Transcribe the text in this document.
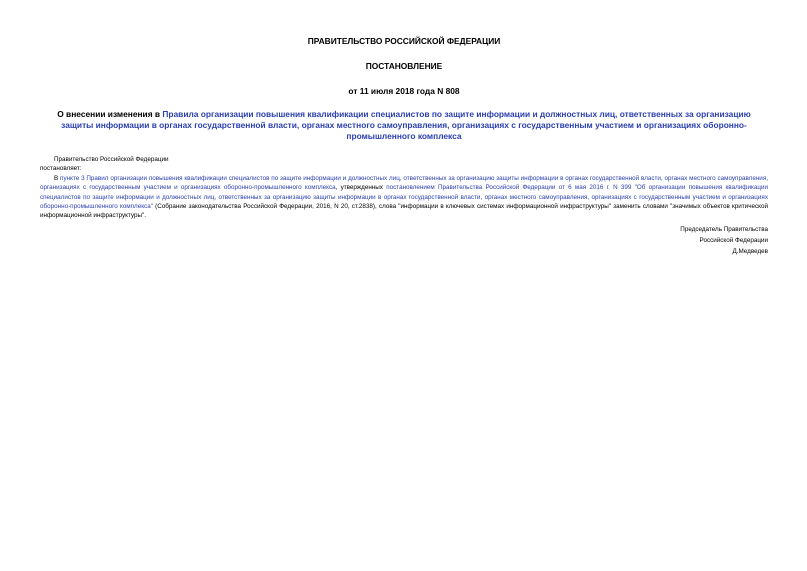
ПРАВИТЕЛЬСТВО РОССИЙСКОЙ ФЕДЕРАЦИИ
ПОСТАНОВЛЕНИЕ
от 11 июля 2018 года N 808
О внесении изменения в Правила организации повышения квалификации специалистов по защите информации и должностных лиц, ответственных за организацию защиты информации в органах государственной власти, органах местного самоуправления, организациях с государственным участием и организациях оборонно-промышленного комплекса

Правительство Российской Федерации

постановляет:

В пункте 3 Правил организации повышения квалификации специалистов по защите информации и должностных лиц, ответственных за организацию защиты информации в органах государственной власти, органах местного самоуправления, организациях с государственным участием и организациях оборонно-промышленного комплекса, утвержденных постановлением Правительства Российской Федерации от 6 мая 2016 г. N 399 "Об организации повышения квалификации специалистов по защите информации и должностных лиц, ответственных за организацию защиты информации в органах государственной власти, органах местного самоуправления, организациях с государственным участием и организациях оборонно-промышленного комплекса" (Собрание законодательства Российской Федерации, 2016, N 20, ст.2838), слова "информации в ключевых системах информационной инфраструктуры" заменить словами "значимых объектов критической информационной инфраструктуры".

Председатель Правительства
Российской Федерации
Д.Медведев
